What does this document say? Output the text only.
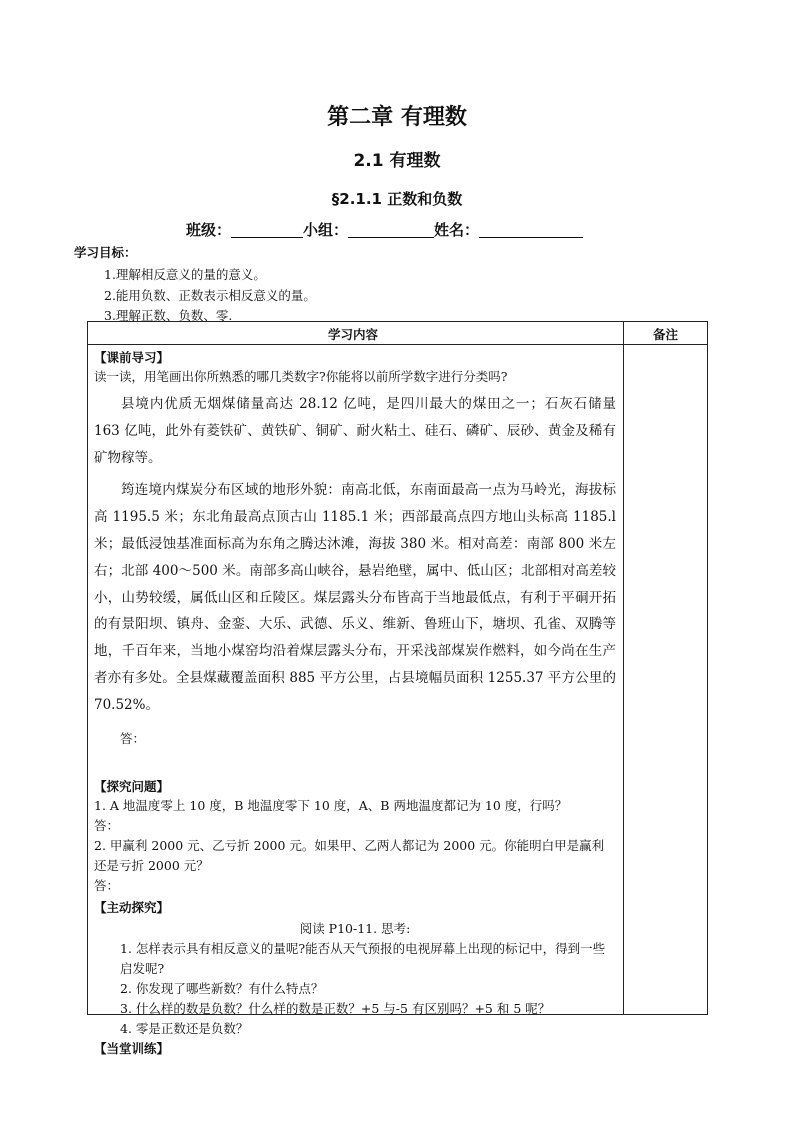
第二章 有理数
2.1 有理数
§2.1.1 正数和负数
班级：	小组：	姓名：
学习目标：
1.理解相反意义的量的意义。
2.能用负数、正数表示相反意义的量。
3.理解正数、负数、零.
学习内容	备注

【课前导习】

读一读，用笔画出你所熟悉的哪几类数字?你能将以前所学数字进行分类吗?

县境内优质无烟煤储量高达 28.12 亿吨，是四川最大的煤田之一；石灰石储量 163 亿吨，此外有菱铁矿、黄铁矿、铜矿、耐火粘土、硅石、磷矿、辰砂、黄金及稀有矿物稼等。

筠连境内煤炭分布区域的地形外貌：南高北低，东南面最高一点为马岭光，海拔标高 1195.5 米；东北角最高点顶古山 1185.1 米；西部最高点四方地山头标高 1185.l 米；最低浸蚀基准面标高为东角之腾达沐滩，海拔 380 米。相对高差：南部 800 米左右；北部 400～500 米。南部多高山峡谷，悬岩绝壁，属中、低山区；北部相对高差较小，山势较缓，属低山区和丘陵区。煤层露头分布皆高于当地最低点，有利于平硐开拓的有景阳坝、镇舟、金銮、大乐、武德、乐义、维新、鲁班山下，塘坝、孔雀、双腾等地，千百年来，当地小煤窑均沿着煤层露头分布，开采浅部煤炭作燃料，如今尚在生产者亦有多处。全县煤藏覆盖面积 885 平方公里，占县境幅员面积 1255.37 平方公里的 70.52%。

答：

【探究问题】

1. A 地温度零上 10 度，B 地温度零下 10 度，A、B 两地温度都记为 10 度，行吗？

答：

2. 甲赢利 2000 元、乙亏折 2000 元。如果甲、乙两人都记为 2000 元。你能明白甲是赢利还是亏折 2000 元？

答：

【主动探究】

阅读 P10-11. 思考:

1. 怎样表示具有相反意义的量呢?能否从天气预报的电视屏幕上出现的标记中，得到一些启发呢?

2. 你发现了哪些新数？有什么特点？

3. 什么样的数是负数？什么样的数是正数？+5 与-5 有区别吗？+5 和 5 呢？

4. 零是正数还是负数？

【当堂训练】
